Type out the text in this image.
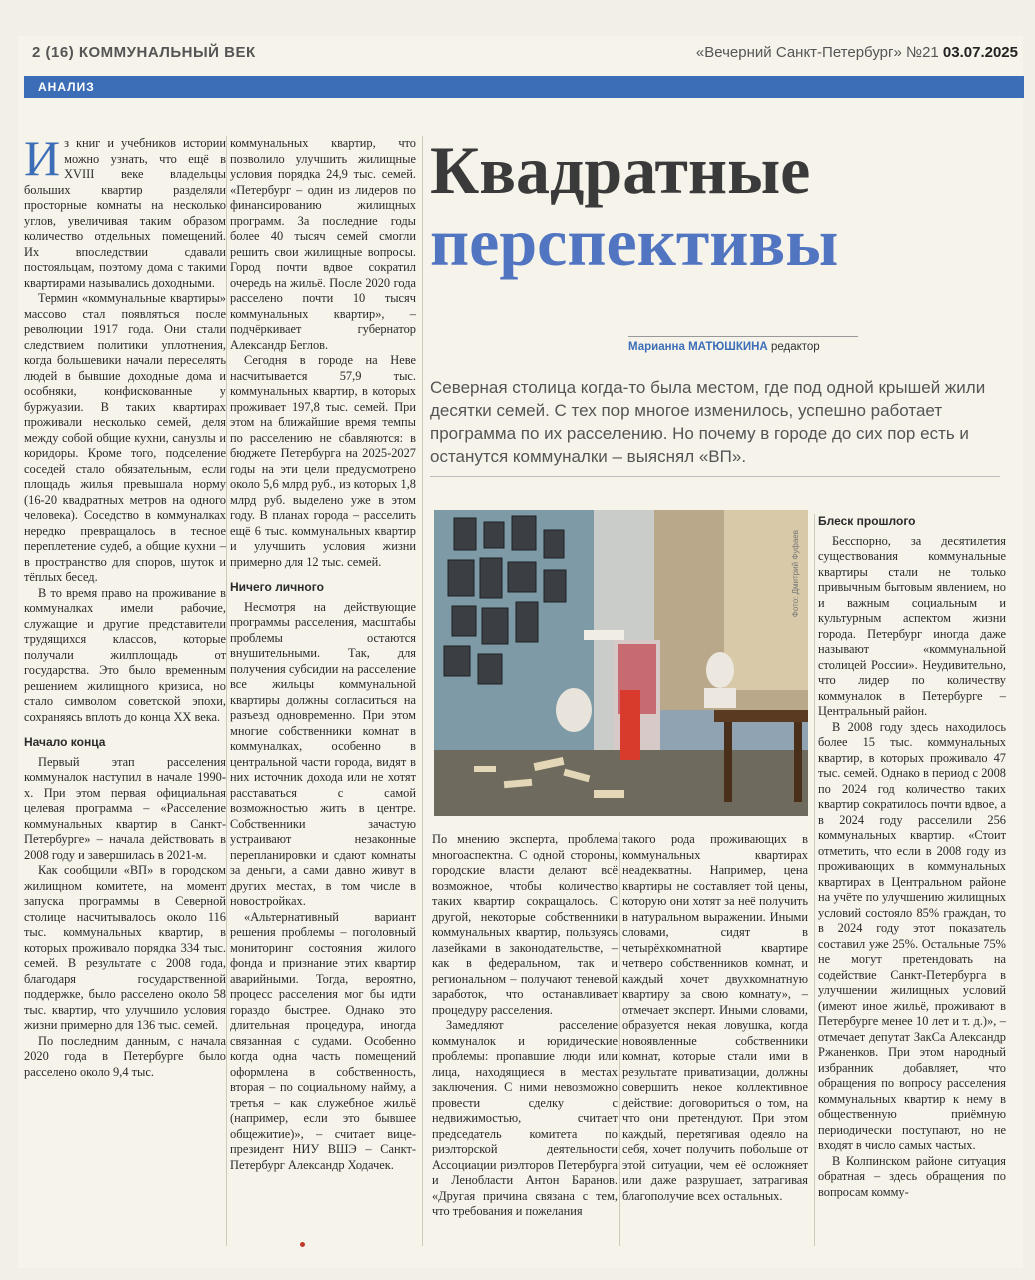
2 (16) КОММУНАЛЬНЫЙ ВЕК	«Вечерний Санкт-Петербург» №21 03.07.2025
АНАЛИЗ

Из книг и учебников истории можно узнать, что ещё в XVIII веке владельцы больших квартир разделяли просторные комнаты на несколько углов, увеличивая таким образом количество отдельных помещений. Их впоследствии сдавали постояльцам, поэтому дома с такими квартирами назывались доходными.

Термин «коммунальные квартиры» массово стал появляться после революции 1917 года. Они стали следствием политики уплотнения, когда большевики начали переселять людей в бывшие доходные дома и особняки, конфискованные у буржуазии. В таких квартирах проживали несколько семей, деля между собой общие кухни, санузлы и коридоры. Кроме того, подселение соседей стало обязательным, если площадь жилья превышала норму (16-20 квадратных метров на одного человека). Соседство в коммуналках нередко превращалось в тесное переплетение судеб, а общие кухни – в пространство для споров, шуток и тёплых бесед.

В то время право на проживание в коммуналках имели рабочие, служащие и другие представители трудящихся классов, которые получали жилплощадь от государства. Это было временным решением жилищного кризиса, но стало символом советской эпохи, сохраняясь вплоть до конца XX века.

Начало конца

Первый этап расселения коммуналок наступил в начале 1990-х. При этом первая официальная целевая программа – «Расселение коммунальных квартир в Санкт-Петербурге» – начала действовать в 2008 году и завершилась в 2021-м.

Как сообщили «ВП» в городском жилищном комитете, на момент запуска программы в Северной столице насчитывалось около 116 тыс. коммунальных квартир, в которых проживало порядка 334 тыс. семей. В результате с 2008 года, благодаря государственной поддержке, было расселено около 58 тыс. квартир, что улучшило условия жизни примерно для 136 тыс. семей.

По последним данным, с начала 2020 года в Петербурге было расселено около 9,4 тыс.

коммунальных квартир, что позволило улучшить жилищные условия порядка 24,9 тыс. семей. «Петербург – один из лидеров по финансированию жилищных программ. За последние годы более 40 тысяч семей смогли решить свои жилищные вопросы. Город почти вдвое сократил очередь на жильё. После 2020 года расселено почти 10 тысяч коммунальных квартир», – подчёркивает губернатор Александр Беглов.

Сегодня в городе на Неве насчитывается 57,9 тыс. коммунальных квартир, в которых проживает 197,8 тыс. семей. При этом на ближайшие время темпы по расселению не сбавляются: в бюджете Петербурга на 2025-2027 годы на эти цели предусмотрено около 5,6 млрд руб., из которых 1,8 млрд руб. выделено уже в этом году. В планах города – расселить ещё 6 тыс. коммунальных квартир и улучшить условия жизни примерно для 12 тыс. семей.

Ничего личного

Несмотря на действующие программы расселения, масштабы проблемы остаются внушительными. Так, для получения субсидии на расселение все жильцы коммунальной квартиры должны согласиться на разъезд одновременно. При этом многие собственники комнат в коммуналках, особенно в центральной части города, видят в них источник дохода или не хотят расставаться с самой возможностью жить в центре. Собственники зачастую устраивают незаконные перепланировки и сдают комнаты за деньги, а сами давно живут в других местах, в том числе в новостройках.

«Альтернативный вариант решения проблемы – поголовный мониторинг состояния жилого фонда и признание этих квартир аварийными. Тогда, вероятно, процесс расселения мог бы идти гораздо быстрее. Однако это длительная процедура, иногда связанная с судами. Особенно когда одна часть помещений оформлена в собственность, вторая – по социальному найму, а третья – как служебное жильё (например, если это бывшее общежитие)», – считает вице-президент НИУ ВШЭ – Санкт-Петербург Александр Ходачек.

Квадратные
перспективы
Марианна МАТЮШКИНА редактор
Северная столица когда-то была местом, где под одной крышей жили десятки семей. С тех пор многое изменилось, успешно работает программа по их расселению. Но почему в городе до сих пор есть и останутся коммуналки – выяснял «ВП».
Фото: Дмитрий Фуфаев

По мнению эксперта, проблема многоаспектна. С одной стороны, городские власти делают всё возможное, чтобы количество таких квартир сокращалось. С другой, некоторые собственники коммунальных квартир, пользуясь лазейками в законодательстве, – как в федеральном, так и региональном – получают теневой заработок, что останавливает процедуру расселения.

Замедляют расселение коммуналок и юридические проблемы: пропавшие люди или лица, находящиеся в местах заключения. С ними невозможно провести сделку с недвижимостью, считает председатель комитета по риэлторской деятельности Ассоциации риэлторов Петербурга и Ленобласти Антон Баранов. «Другая причина связана с тем, что требования и пожелания

такого рода проживающих в коммунальных квартирах неадекватны. Например, цена квартиры не составляет той цены, которую они хотят за неё получить в натуральном выражении. Иными словами, сидят в четырёхкомнатной квартире четверо собственников комнат, и каждый хочет двухкомнатную квартиру за свою комнату», – отмечает эксперт. Иными словами, образуется некая ловушка, когда новоявленные собственники комнат, которые стали ими в результате приватизации, должны совершить некое коллективное действие: договориться о том, на что они претендуют. При этом каждый, перетягивая одеяло на себя, хочет получить побольше от этой ситуации, чем её осложняет или даже разрушает, затрагивая благополучие всех остальных.

Блеск прошлого

Бесспорно, за десятилетия существования коммунальные квартиры стали не только привычным бытовым явлением, но и важным социальным и культурным аспектом жизни города. Петербург иногда даже называют «коммунальной столицей России». Неудивительно, что лидер по количеству коммуналок в Петербурге – Центральный район.

В 2008 году здесь находилось более 15 тыс. коммунальных квартир, в которых проживало 47 тыс. семей. Однако в период с 2008 по 2024 год количество таких квартир сократилось почти вдвое, а в 2024 году расселили 256 коммунальных квартир. «Стоит отметить, что если в 2008 году из проживающих в коммунальных квартирах в Центральном районе на учёте по улучшению жилищных условий состояло 85% граждан, то в 2024 году этот показатель составил уже 25%. Остальные 75% не могут претендовать на содействие Санкт-Петербурга в улучшении жилищных условий (имеют иное жильё, проживают в Петербурге менее 10 лет и т. д.)», – отмечает депутат ЗакСа Александр Ржаненков. При этом народный избранник добавляет, что обращения по вопросу расселения коммунальных квартир к нему в общественную приёмную периодически поступают, но не входят в число самых частых.

В Колпинском районе ситуация обратная – здесь обращения по вопросам комму-
